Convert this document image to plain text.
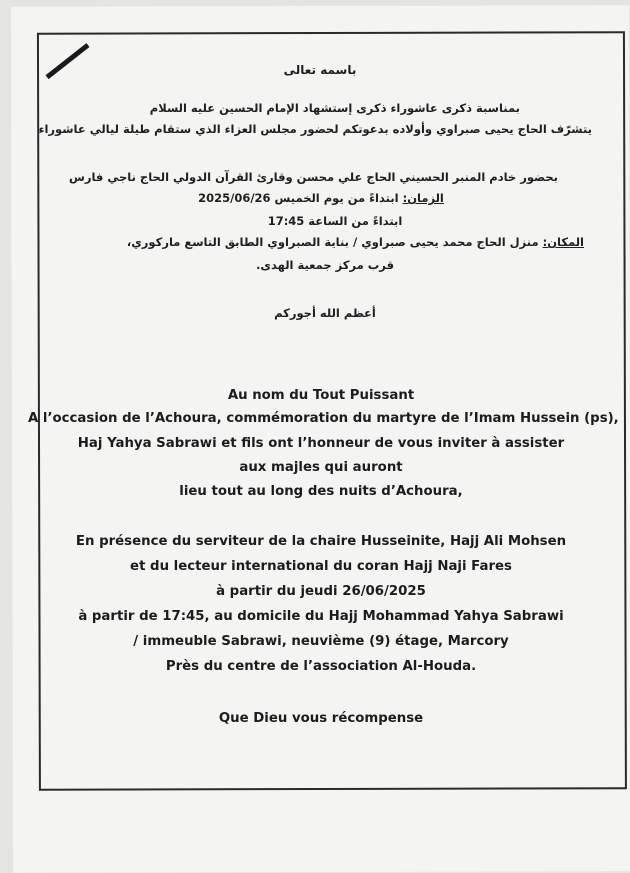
باسمه تعالى
بمناسبة ذكرى عاشوراء ذكرى إستشهاد الإمام الحسين عليه السلام
يتشرّف الحاج يحيى صبراوي وأولاده بدعوتكم لحضور مجلس العزاء الذي ستقام طيلة ليالي عاشوراء
بحضور خادم المنبر الحسيني الحاج علي محسن وقارئ القرآن الدولي الحاج ناجي فارس
الزمان: ابتداءً من يوم الخميس 2025/06/26
ابتداءً من الساعة 17:45
المكان: منزل الحاج محمد يحيى صبراوي / بناية الصبراوي الطابق التاسع ماركوري،
قرب مركز جمعية الهدى.
أعظم الله أجوركم
Au nom du Tout Puissant
A l’occasion de l’Achoura, commémoration du martyre de l’Imam Hussein (ps),
Haj Yahya Sabrawi et fils ont l’honneur de vous inviter à assister
aux majles qui auront
lieu tout au long des nuits d’Achoura,
En présence du serviteur de la chaire Husseinite, Hajj Ali Mohsen
et du lecteur international du coran Hajj Naji Fares
à partir du jeudi 26/06/2025
à partir de 17:45, au domicile du Hajj Mohammad Yahya Sabrawi
/ immeuble Sabrawi, neuvième (9) étage, Marcory
Près du centre de l’association Al-Houda.
Que Dieu vous récompense
